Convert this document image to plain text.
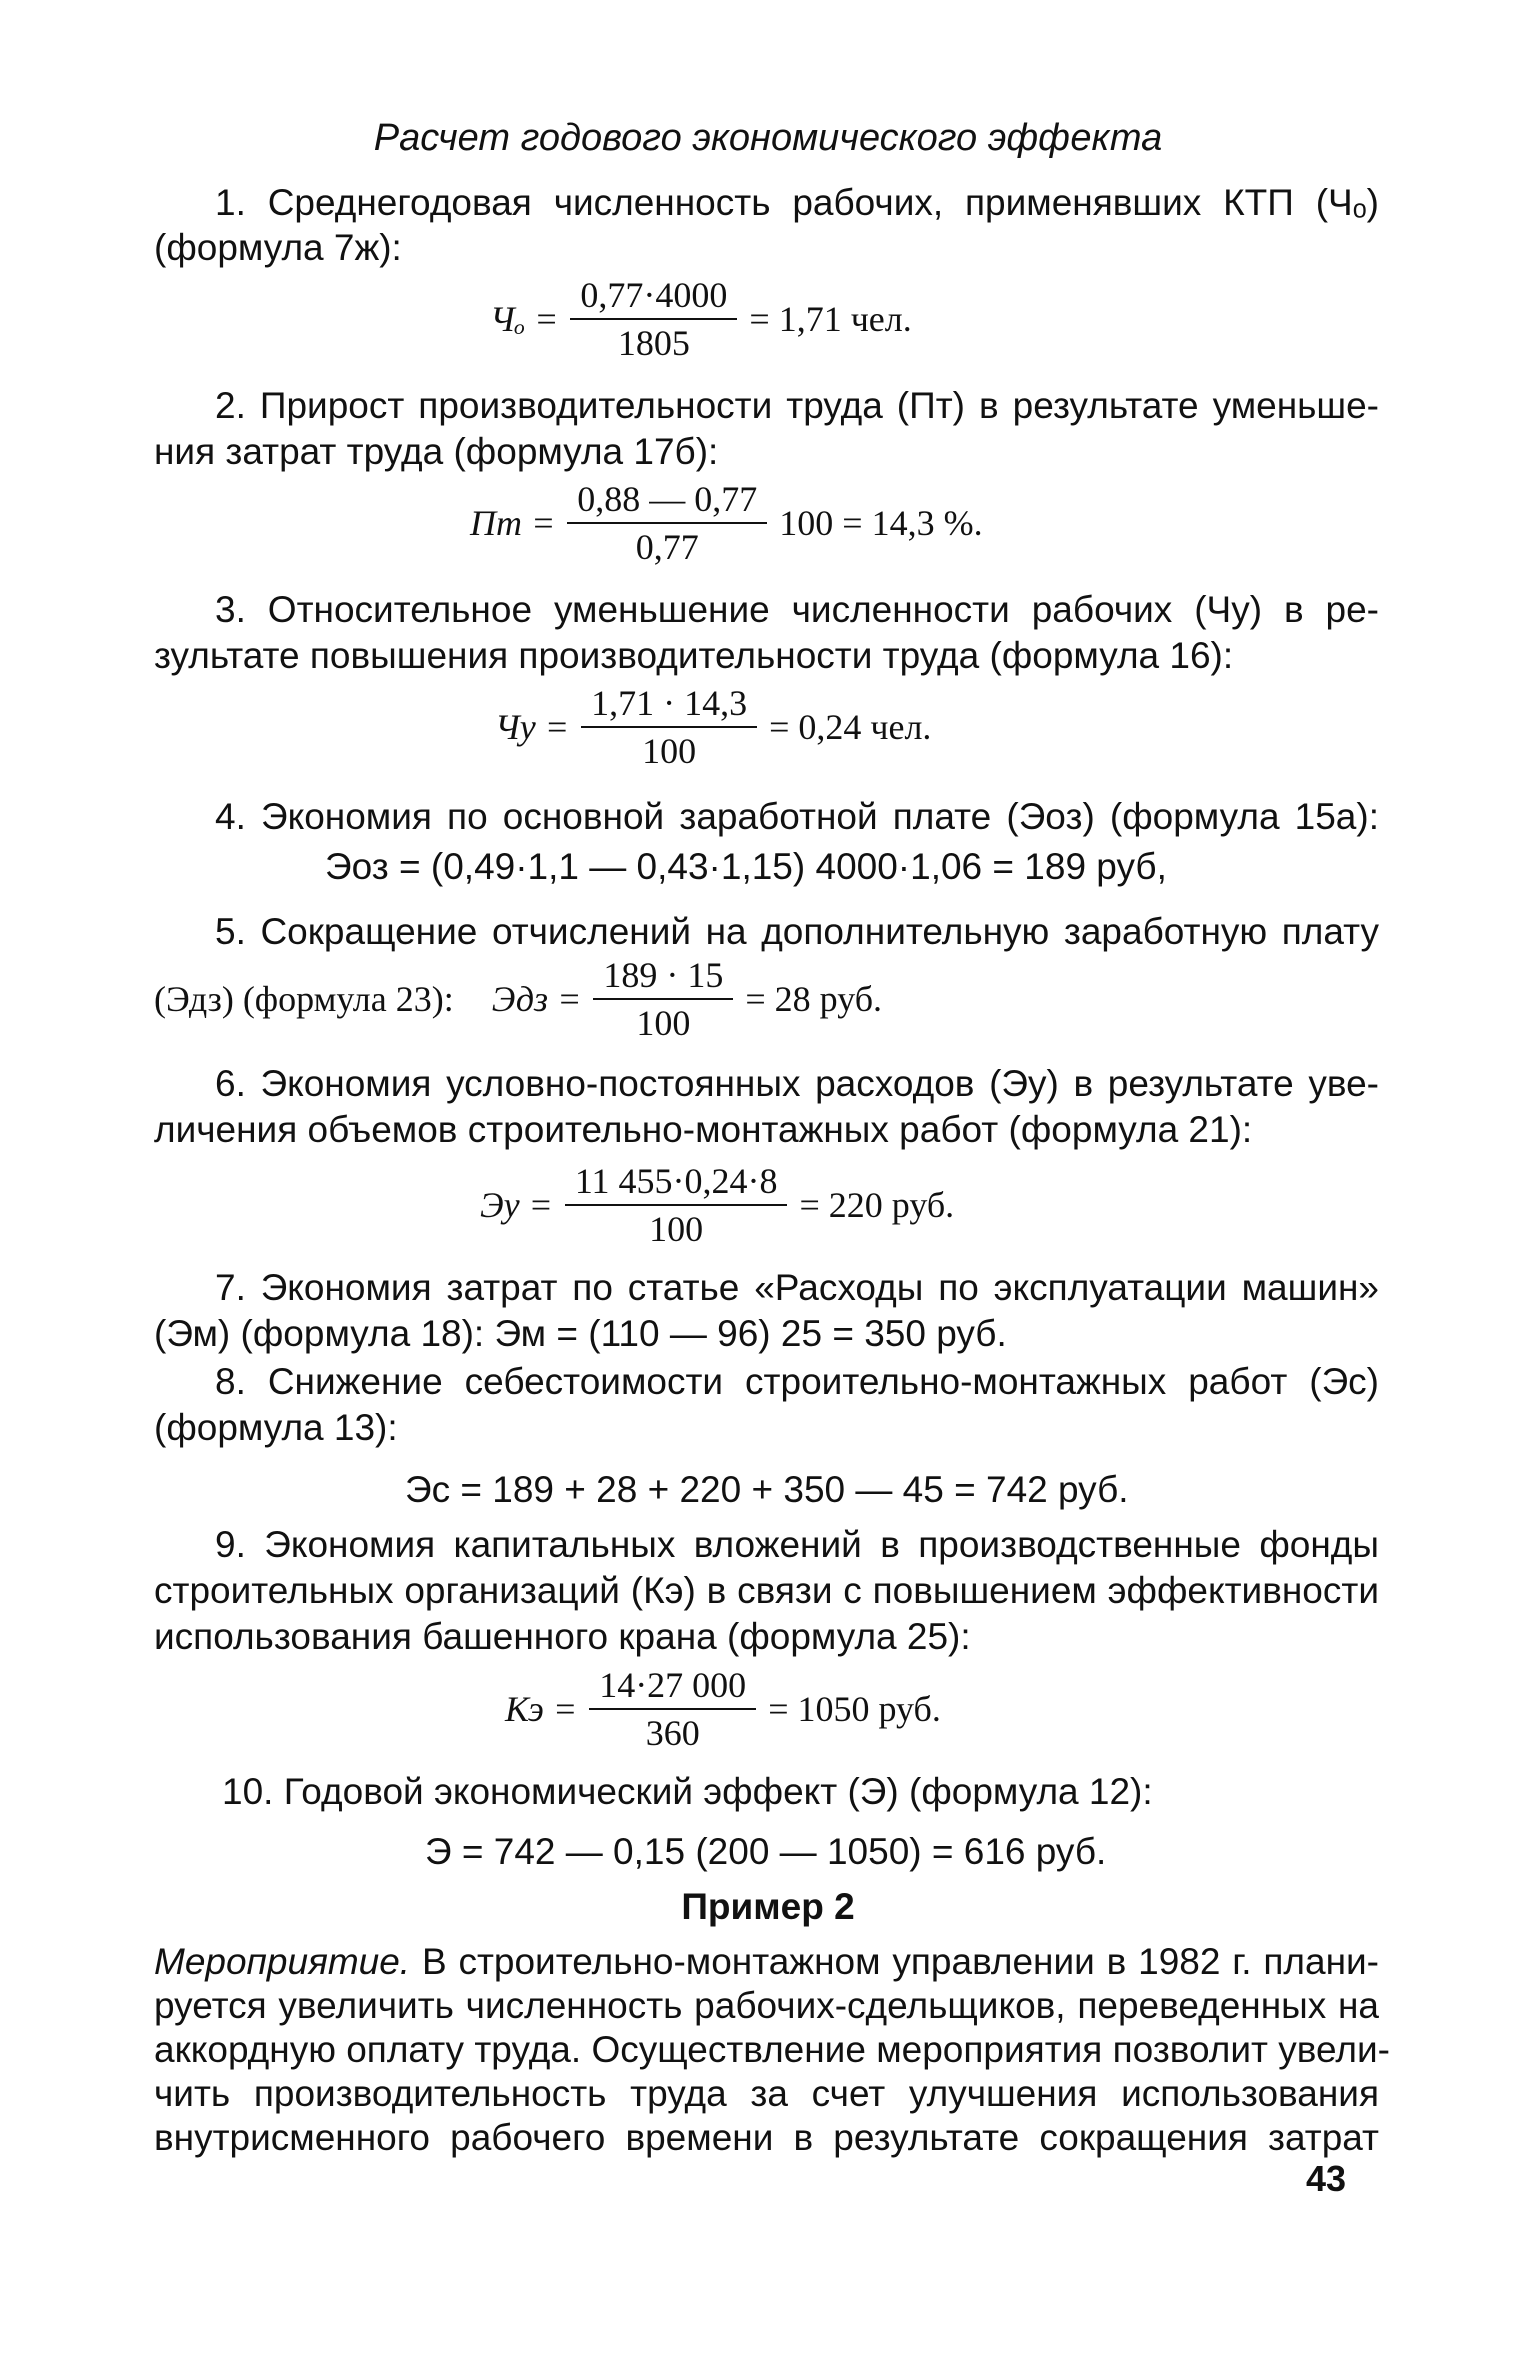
Расчет годового экономического эффекта

1. Среднегодовая численность рабочих, применявших КТП (Чₒ)

(формула 7ж):

$Ч_o = \frac{0,77\cdot 4000}{1805} = 1,71$ чел.

2. Прирост производительности труда (Пт) в результате уменьше-

ния затрат труда (формула 17б):

Пт = $\frac{0,88 — 0,77}{0,77} 100 = 14,3$ %.

3. Относительное уменьшение численности рабочих (Чу) в ре-

зультате повышения производительности труда (формула 16):

Чу = $\frac{1,71 \cdot 14,3}{100} = 0,24$ чел.

4. Экономия по основной заработной плате (Эоз) (формула 15а):

Эоз = (0,49·1,1 — 0,43·1,15) 4000·1,06 = 189 руб,

5. Сокращение отчислений на дополнительную заработную плату

(Эдз) (формула 23): Эдз = $\frac{189 \cdot 15}{100} = 28$ руб.

6. Экономия условно-постоянных расходов (Эу) в результате уве-

личения объемов строительно-монтажных работ (формула 21):

Эу = $\frac{11 455\cdot 0,24\cdot 8}{100} = 220$ руб.

7. Экономия затрат по статье «Расходы по эксплуатации машин»

(Эм) (формула 18): Эм = (110 — 96) 25 = 350 руб.

8. Снижение себестоимости строительно-монтажных работ (Эс)

(формула 13):

Эс = 189 + 28 + 220 + 350 — 45 = 742 руб.

9. Экономия капитальных вложений в производственные фонды

строительных организаций (Кэ) в связи с повышением эффективности

использования башенного крана (формула 25):

Кэ = $\frac{14\cdot 27 000}{360} = 1050$ руб.

10. Годовой экономический эффект (Э) (формула 12):

Э = 742 — 0,15 (200 — 1050) = 616 руб.

Пример 2

Мероприятие. В строительно-монтажном управлении в 1982 г. плани-

руется увеличить численность рабочих-сдельщиков, переведенных на

аккордную оплату труда. Осуществление мероприятия позволит увели-

чить производительность труда за счет улучшения использования

внутрисменного рабочего времени в результате сокращения затрат

43
